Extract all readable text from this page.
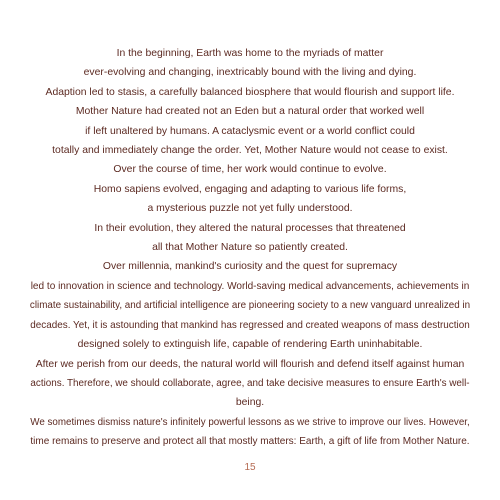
In the beginning, Earth was home to the myriads of matter
ever-evolving and changing, inextricably bound with the living and dying.
Adaption led to stasis, a carefully balanced biosphere that would flourish and support life.
Mother Nature had created not an Eden but a natural order that worked well
if left unaltered by humans. A cataclysmic event or a world conflict could
totally and immediately change the order. Yet, Mother Nature would not cease to exist.
Over the course of time, her work would continue to evolve.
Homo sapiens evolved, engaging and adapting to various life forms,
a mysterious puzzle not yet fully understood.
In their evolution, they altered the natural processes that threatened
all that Mother Nature so patiently created.
Over millennia, mankind's curiosity and the quest for supremacy
led to innovation in science and technology. World-saving medical advancements, achievements in
climate sustainability, and artificial intelligence are pioneering society to a new vanguard unrealized in
decades. Yet, it is astounding that mankind has regressed and created weapons of mass destruction
designed solely to extinguish life, capable of rendering Earth uninhabitable.
After we perish from our deeds, the natural world will flourish and defend itself against human
actions. Therefore, we should collaborate, agree, and take decisive measures to ensure Earth's well-
being.
We sometimes dismiss nature's infinitely powerful lessons as we strive to improve our lives. However,
time remains to preserve and protect all that mostly matters: Earth, a gift of life from Mother Nature.
15
